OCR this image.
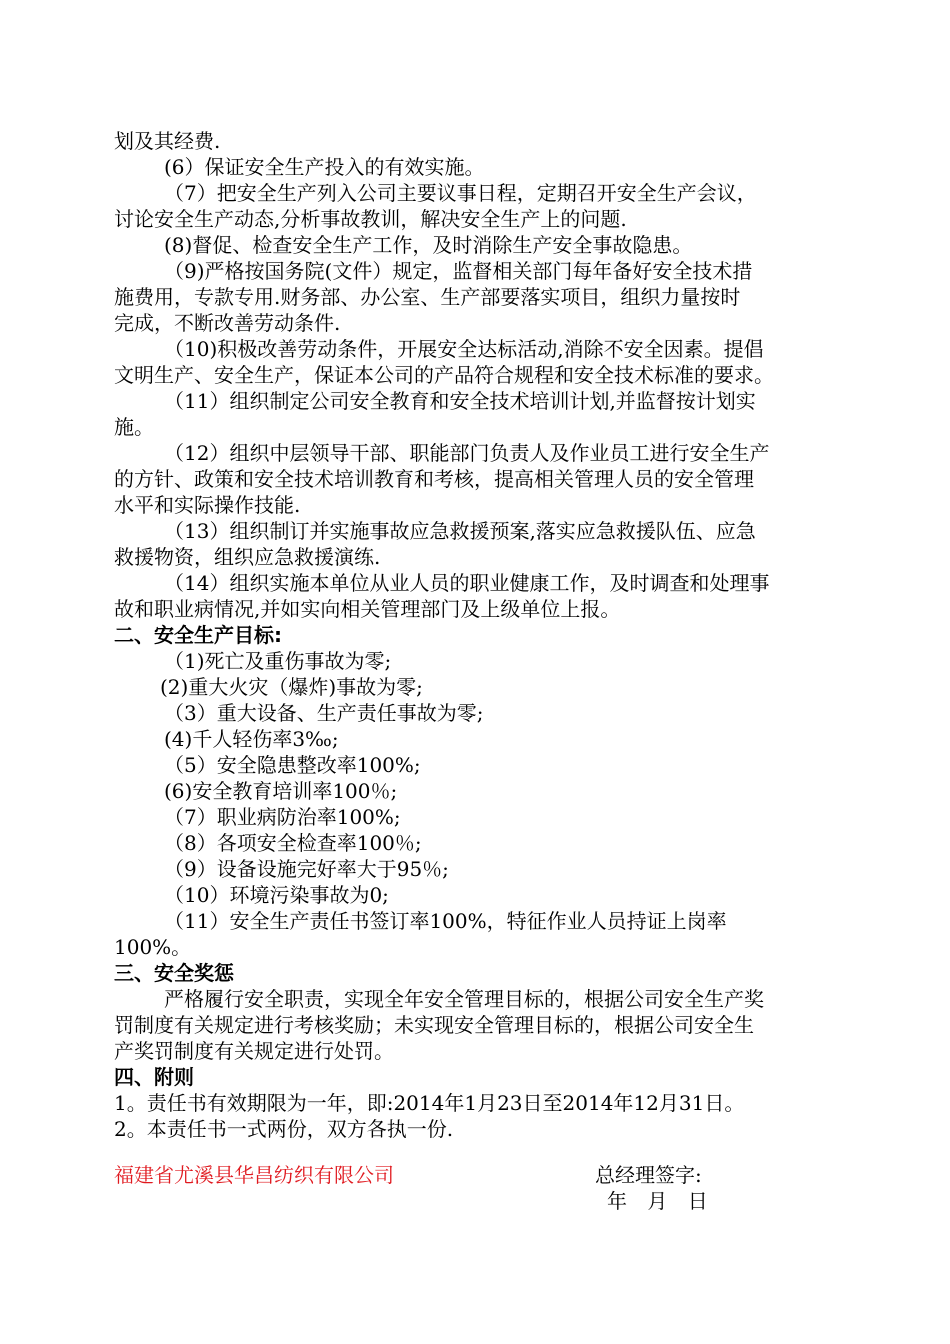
划及其经费.
(6）保证安全生产投入的有效实施。
（7）把安全生产列入公司主要议事日程，定期召开安全生产会议，
讨论安全生产动态,分析事故教训，解决安全生产上的问题.
(8)督促、检查安全生产工作，及时消除生产安全事故隐患。
（9)严格按国务院(文件）规定，监督相关部门每年备好安全技术措
施费用，专款专用.财务部、办公室、生产部要落实项目，组织力量按时
完成，不断改善劳动条件.
（10)积极改善劳动条件，开展安全达标活动,消除不安全因素。提倡
文明生产、安全生产，保证本公司的产品符合规程和安全技术标准的要求。
（11）组织制定公司安全教育和安全技术培训计划,并监督按计划实
施。
（12）组织中层领导干部、职能部门负责人及作业员工进行安全生产
的方针、政策和安全技术培训教育和考核，提高相关管理人员的安全管理
水平和实际操作技能.
（13）组织制订并实施事故应急救援预案,落实应急救援队伍、应急
救援物资，组织应急救援演练.
（14）组织实施本单位从业人员的职业健康工作，及时调查和处理事
故和职业病情况,并如实向相关管理部门及上级单位上报。
二、安全生产目标:
（1)死亡及重伤事故为零;
(2)重大火灾（爆炸)事故为零;
（3）重大设备、生产责任事故为零;
(4)千人轻伤率3‰;
（5）安全隐患整改率100%;
(6)安全教育培训率100％;
（7）职业病防治率100%;
（8）各项安全检查率100％;
（9）设备设施完好率大于95％;
（10）环境污染事故为0;
（11）安全生产责任书签订率100%，特征作业人员持证上岗率
100%。
三、安全奖惩
严格履行安全职责，实现全年安全管理目标的，根据公司安全生产奖
罚制度有关规定进行考核奖励；未实现安全管理目标的，根据公司安全生
产奖罚制度有关规定进行处罚。
四、附则
1。责任书有效期限为一年，即:2014年1月23日至2014年12月31日。
2。本责任书一式两份，双方各执一份.
福建省尤溪县华昌纺织有限公司	总经理签字:
年 月 日
